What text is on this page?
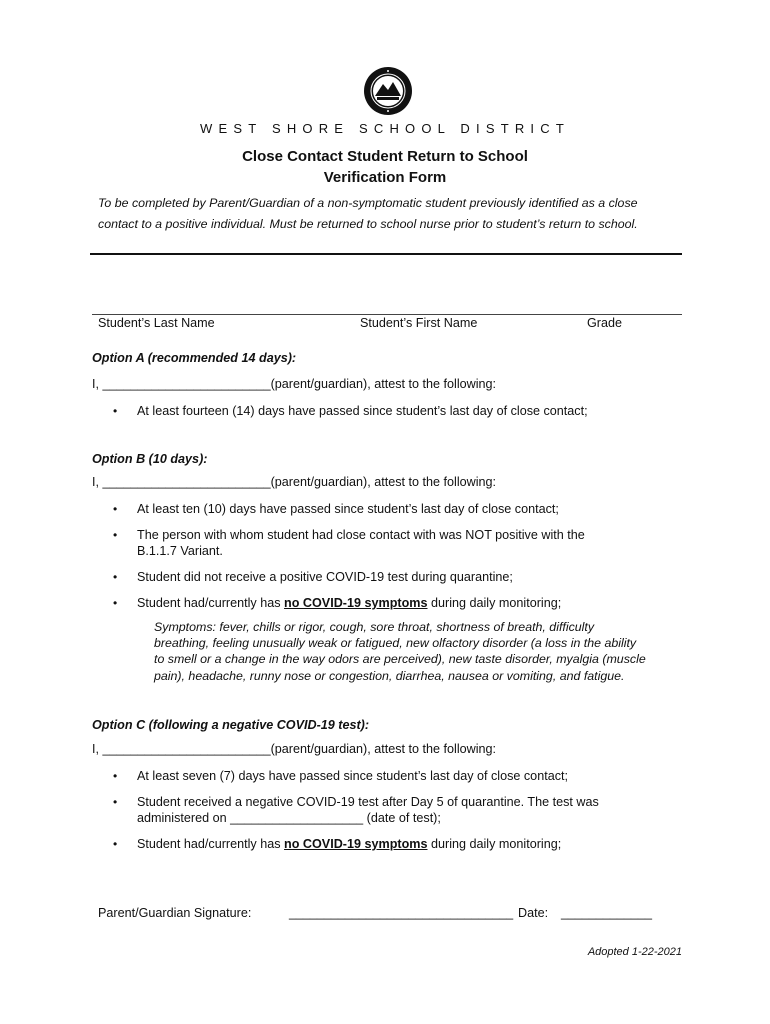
WEST SHORE SCHOOL DISTRICT
Close Contact Student Return to School
Verification Form
To be completed by Parent/Guardian of a non-symptomatic student previously identified as a close
contact to a positive individual. Must be returned to school nurse prior to student’s return to school.
Student’s Last Name	Student’s First Name	Grade
Option A (recommended 14 days):
I, ________________________(parent/guardian), attest to the following:
• At least fourteen (14) days have passed since student’s last day of close contact;
Option B (10 days):
I, ________________________(parent/guardian), attest to the following:
• At least ten (10) days have passed since student’s last day of close contact;
• The person with whom student had close contact with was NOT positive with the
B.1.1.7 Variant.
• Student did not receive a positive COVID-19 test during quarantine;
• Student had/currently has no COVID-19 symptoms during daily monitoring;
Symptoms: fever, chills or rigor, cough, sore throat, shortness of breath, difficulty
breathing, feeling unusually weak or fatigued, new olfactory disorder (a loss in the ability
to smell or a change in the way odors are perceived), new taste disorder, myalgia (muscle
pain), headache, runny nose or congestion, diarrhea, nausea or vomiting, and fatigue.
Option C (following a negative COVID-19 test):
I, ________________________(parent/guardian), attest to the following:
• At least seven (7) days have passed since student’s last day of close contact;
• Student received a negative COVID-19 test after Day 5 of quarantine. The test was
administered on ___________________ (date of test);
• Student had/currently has no COVID-19 symptoms during daily monitoring;
Parent/Guardian Signature:	________________________________ Date: _____________
Adopted 1-22-2021
